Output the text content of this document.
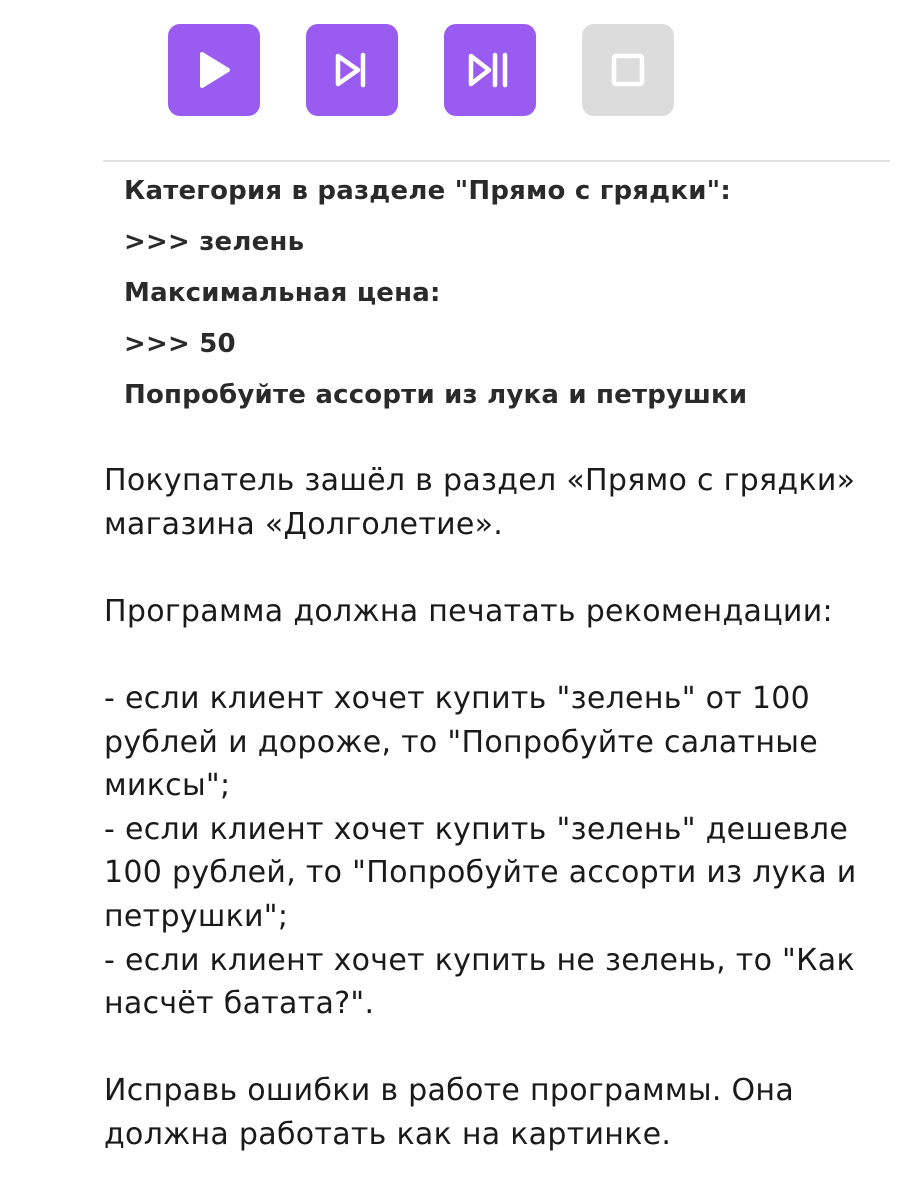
Категория в разделе "Прямо с грядки":
>>> зелень
Максимальная цена:
>>> 50
Попробуйте ассорти из лука и петрушки

Покупатель зашёл в раздел «Прямо с грядки»
магазина «Долголетие».

Программа должна печатать рекомендации:

- если клиент хочет купить "зелень" от 100
рублей и дороже, то "Попробуйте салатные
миксы";
- если клиент хочет купить "зелень" дешевле
100 рублей, то "Попробуйте ассорти из лука и
петрушки";
- если клиент хочет купить не зелень, то "Как
насчёт батата?".

Исправь ошибки в работе программы. Она
должна работать как на картинке.
